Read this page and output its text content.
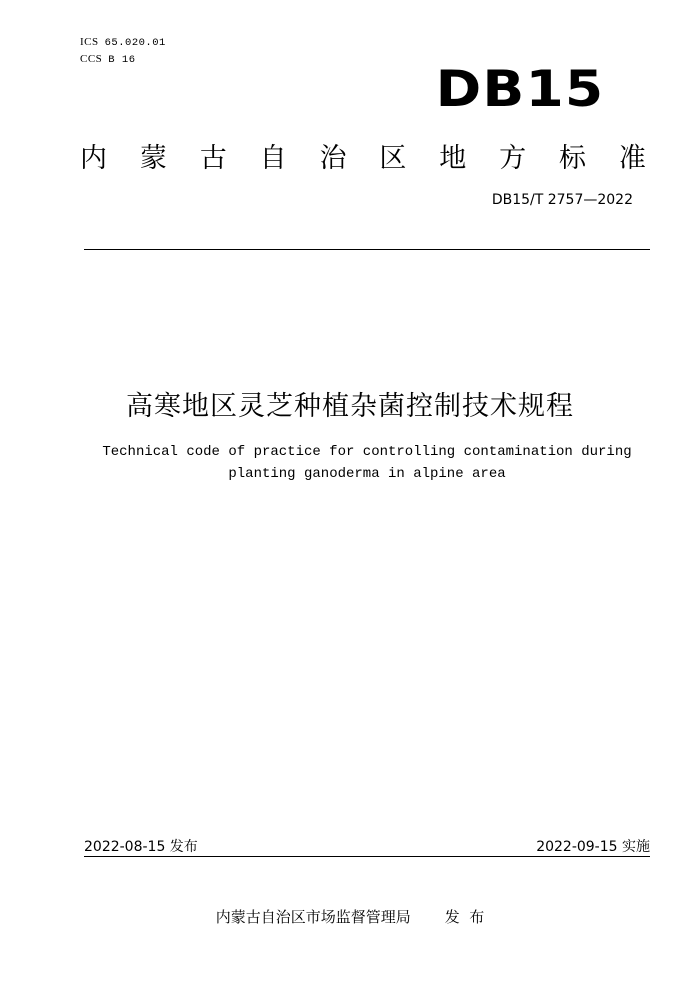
ICS 65.020.01
CCS B 16	DB15
内 蒙 古 自 治 区 地 方 标 准
DB15/T 2757—2022
高寒地区灵芝种植杂菌控制技术规程
Technical code of practice for controlling contamination during
planting ganoderma in alpine area
2022-08-15 发布	2022-09-15 实施
内蒙古自治区市场监督管理局 发  布
